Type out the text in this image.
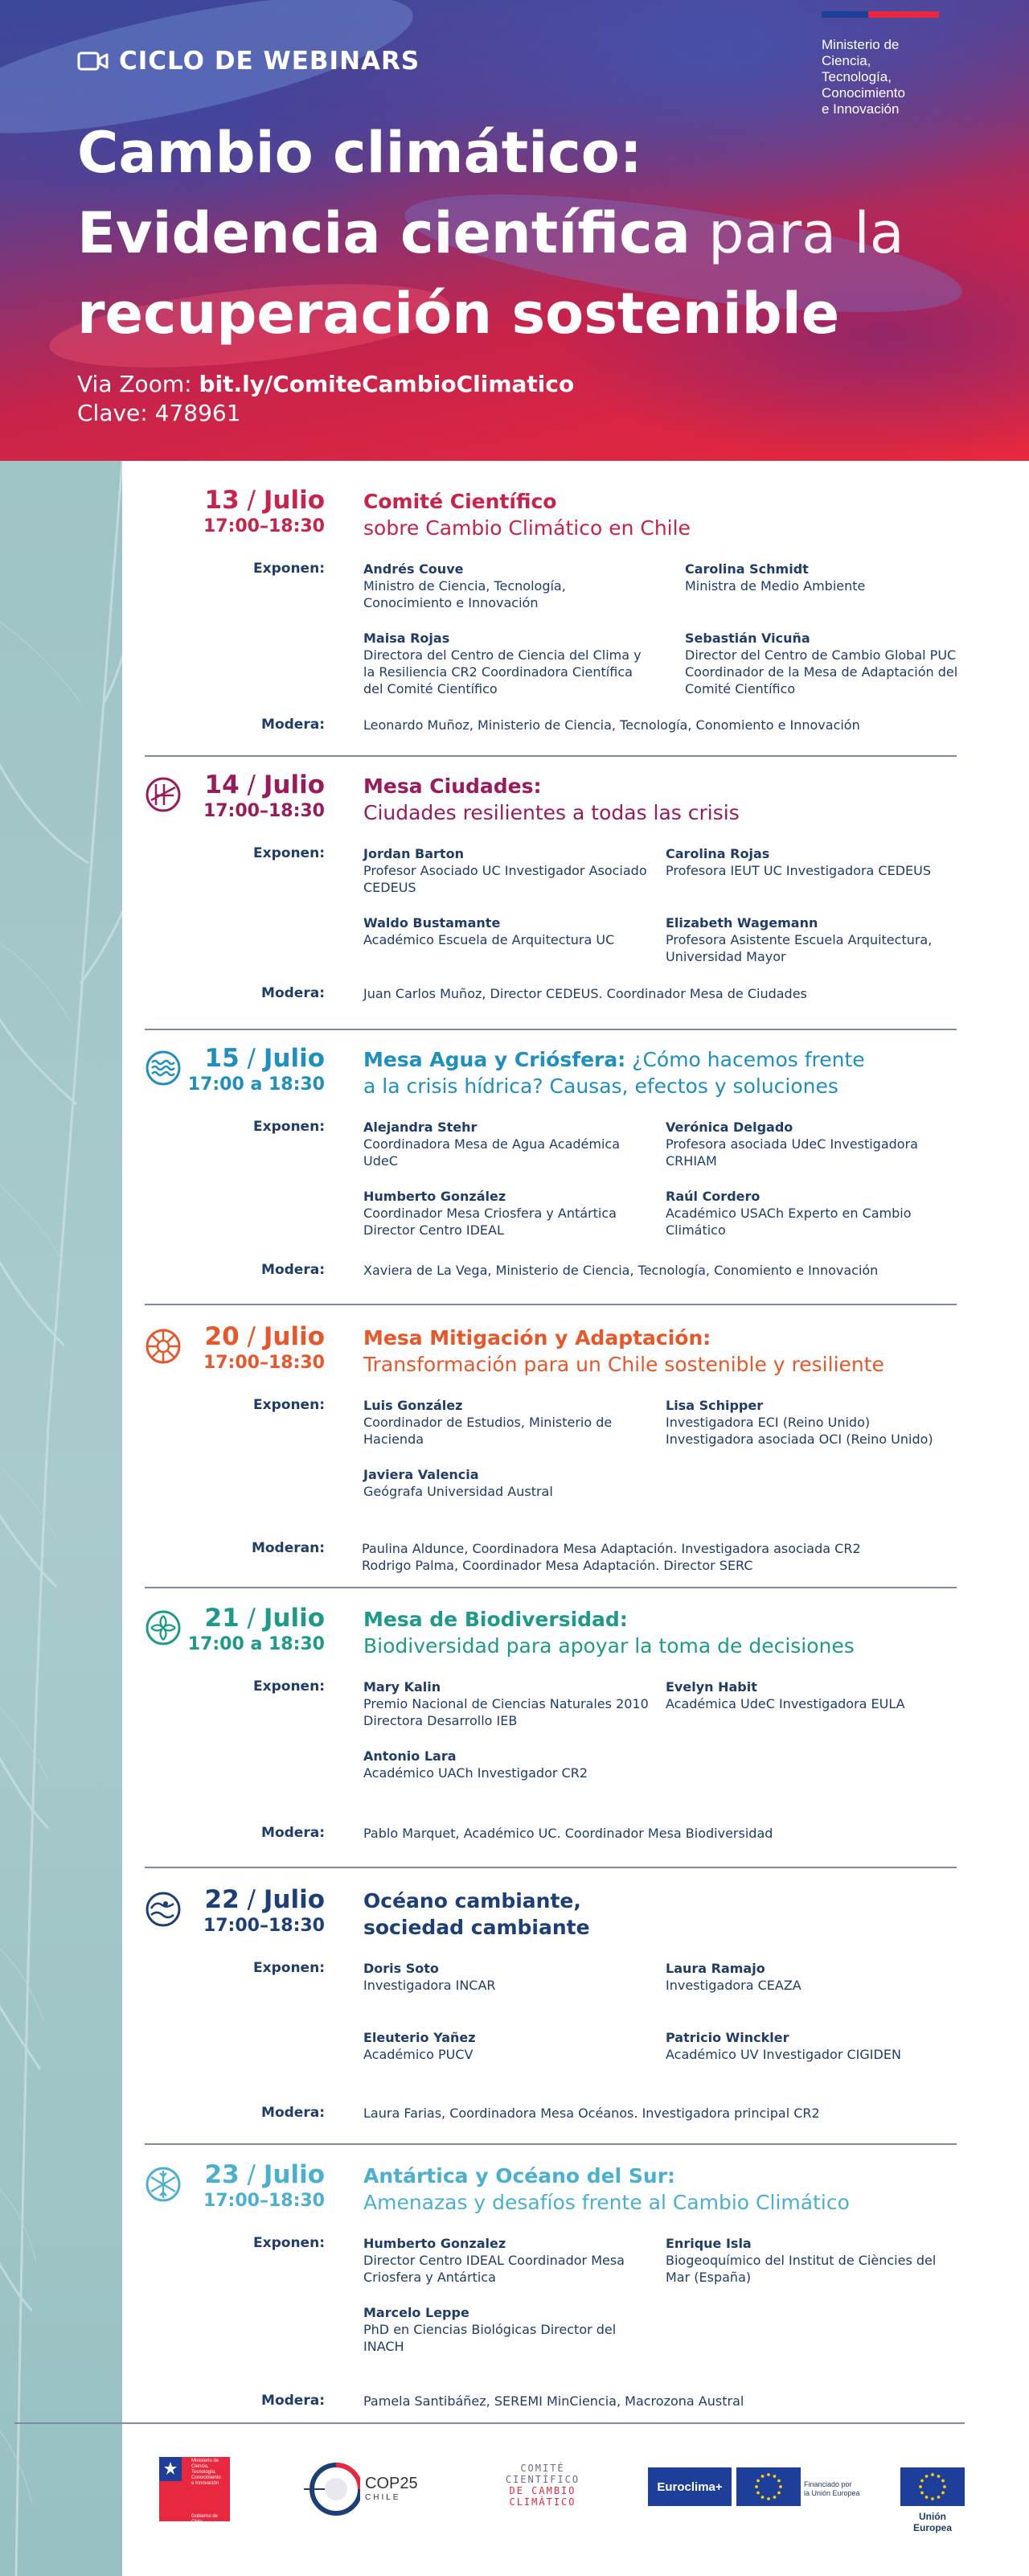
CICLO DE WEBINARS
Cambio climático:
Evidencia científica para la
recuperación sostenible
Via Zoom: bit.ly/ComiteCambioClimatico
Clave: 478961
Ministerio de
Ciencia,
Tecnología,
Conocimiento
e Innovación
13 / Julio
17:00–18:30
Comité Científico
sobre Cambio Climático en Chile
Exponen:	Andrés Couve
Ministro de Ciencia, Tecnología, Conocimiento e Innovación
Carolina Schmidt
Ministra de Medio Ambiente
Maisa Rojas
Directora del Centro de Ciencia del Clima y la Resiliencia CR2 Coordinadora Científica del Comité Científico
Sebastián Vicuña
Director del Centro de Cambio Global PUC Coordinador de la Mesa de Adaptación del Comité Científico
Modera:	Leonardo Muñoz, Ministerio de Ciencia, Tecnología, Conomiento e Innovación
14 / Julio
17:00–18:30
Mesa Ciudades:
Ciudades resilientes a todas las crisis
Exponen:	Jordan Barton
Profesor Asociado UC Investigador Asociado CEDEUS
Carolina Rojas
Profesora IEUT UC Investigadora CEDEUS
Waldo Bustamante
Académico Escuela de Arquitectura UC
Elizabeth Wagemann
Profesora Asistente Escuela Arquitectura, Universidad Mayor
Modera:	Juan Carlos Muñoz, Director CEDEUS. Coordinador Mesa de Ciudades
15 / Julio
17:00 a 18:30
Mesa Agua y Criósfera: ¿Cómo hacemos frente
a la crisis hídrica? Causas, efectos y soluciones
Exponen:	Alejandra Stehr
Coordinadora Mesa de Agua Académica UdeC
Verónica Delgado
Profesora asociada UdeC Investigadora CRHIAM
Humberto González
Coordinador Mesa Criosfera y Antártica Director Centro IDEAL
Raúl Cordero
Académico USACh Experto en Cambio Climático
Modera:	Xaviera de La Vega, Ministerio de Ciencia, Tecnología, Conomiento e Innovación
20 / Julio
17:00–18:30
Mesa Mitigación y Adaptación:
Transformación para un Chile sostenible y resiliente
Exponen:	Luis González
Coordinador de Estudios, Ministerio de Hacienda
Lisa Schipper
Investigadora ECI (Reino Unido) Investigadora asociada OCI (Reino Unido)
Javiera Valencia
Geógrafa Universidad Austral
Moderan:	Paulina Aldunce, Coordinadora Mesa Adaptación. Investigadora asociada CR2
Rodrigo Palma, Coordinador Mesa Adaptación. Director SERC
21 / Julio
17:00 a 18:30
Mesa de Biodiversidad:
Biodiversidad para apoyar la toma de decisiones
Exponen:	Mary Kalin
Premio Nacional de Ciencias Naturales 2010 Directora Desarrollo IEB
Evelyn Habit
Académica UdeC Investigadora EULA
Antonio Lara
Académico UACh Investigador CR2
Modera:	Pablo Marquet, Académico UC. Coordinador Mesa Biodiversidad
22 / Julio
17:00–18:30
Océano cambiante,
sociedad cambiante
Exponen:	Doris Soto
Investigadora INCAR
Laura Ramajo
Investigadora CEAZA
Eleuterio Yañez
Académico PUCV
Patricio Winckler
Académico UV Investigador CIGIDEN
Modera:	Laura Farias, Coordinadora Mesa Océanos. Investigadora principal CR2
23 / Julio
17:00–18:30
Antártica y Océano del Sur:
Amenazas y desafíos frente al Cambio Climático
Exponen:	Humberto Gonzalez
Director Centro IDEAL Coordinador Mesa Criosfera y Antártica
Enrique Isla
Biogeoquímico del Institut de Ciències del Mar (España)
Marcelo Leppe
PhD en Ciencias Biológicas Director del INACH
Modera:	Pamela Santibáñez, SEREMI MinCiencia, Macrozona Austral
Ministerio de
Ciencia,
Tecnología,
Conocimiento
e Innovación
Gobierno de Chile
COP25
CHILE
COMITÉ
CIENTÍFICO
DE CAMBIO
CLIMÁTICO
Euroclima+	Financiado por
la Unión Europea
Unión Europea
